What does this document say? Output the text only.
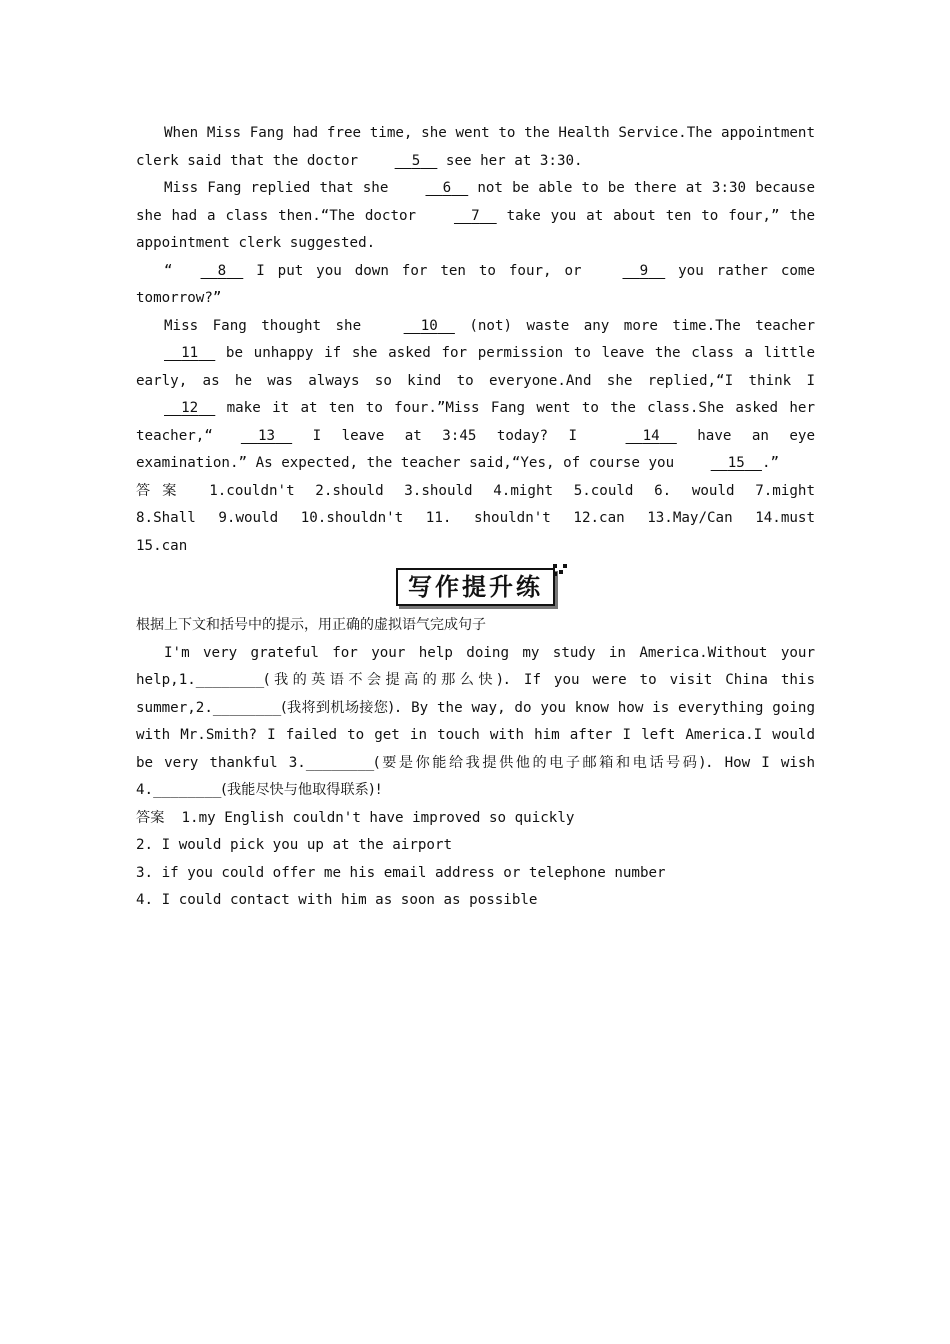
When Miss Fang had free time, she went to the Health Service.The appointment clerk said that the doctor	5   see her at 3:30.

Miss Fang replied that she	6   not be able to be there at 3:30 because she had a class then.“The doctor	7   take you at about ten to four,” the appointment clerk suggested.

“	8   I put you down for ten to four, or	9   you rather come tomorrow?”

Miss Fang thought she	10   (not) waste any more time.The teacher   11   be unhappy if she asked for permission to leave the class a little early, as he was always so kind to everyone.And she replied,“I think I   12   make it at ten to four.”Miss Fang went to the class.She asked her teacher,“	13   I leave at 3:45 today? I	14   have an eye examination.” As expected, the teacher said,“Yes, of course you	15 .”

答案 1.couldn't 2.should 3.should 4.might 5.could 6. would 7.might

8.Shall 9.would 10.shouldn't 11. shouldn't 12.can 13.May/Can 14.must

15.can

写作提升练

根据上下文和括号中的提示，用正确的虚拟语气完成句子

I'm very grateful for your help doing my study in America.Without your help,1.________(我的英语不会提高的那么快). If you were to visit China this summer,2.________(我将到机场接您). By the way, do you know how is everything going with Mr.Smith? I failed to get in touch with him after I left America.I would be very thankful 3.________(要是你能给我提供他的电子邮箱和电话号码). How I wish 4.________(我能尽快与他取得联系)!

答案 1.my English couldn't have improved so quickly

2. I would pick you up at the airport

3. if you could offer me his email address or telephone number

4. I could contact with him as soon as possible
